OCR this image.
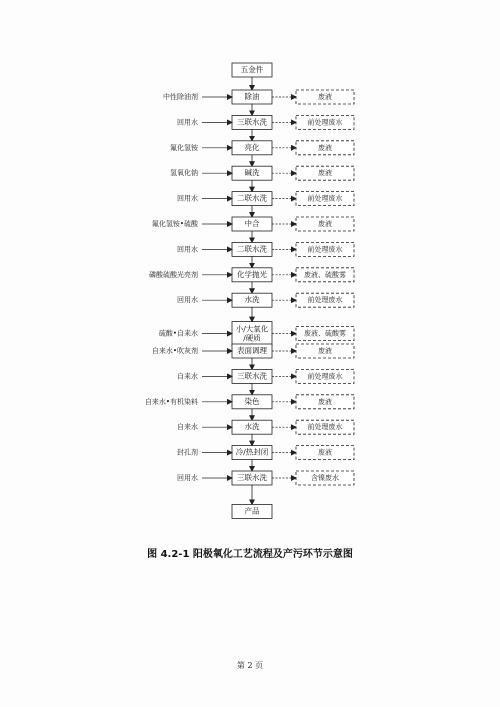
五金件
除油
中性除油剂	废液
三联水洗
回用水	前处理废水
亮化
氟化氢铵	废液
碱洗
氢氧化钠	废液
二联水洗
回用水	前处理废水
中合
氟化氢铵•硫酸	废液
二联水洗
回用水	前处理废水
化学抛光
磷酸硫酸光亮剂	废液、硫酸雾
水洗
回用水	前处理废水
小/大氧化
/硬质
硫酸•自来水	废液、硫酸雾
表面调理
自来水•吹灰剂	废液
三联水洗
自来水	前处理废水
染色
自来水•有机染料	废液
水洗
自来水	前处理废水
冷/热封闭
封孔剂	废液
三联水洗
回用水	含镍废水
产品
图 4.2-1 阳极氧化工艺流程及产污环节示意图
第 2 页
